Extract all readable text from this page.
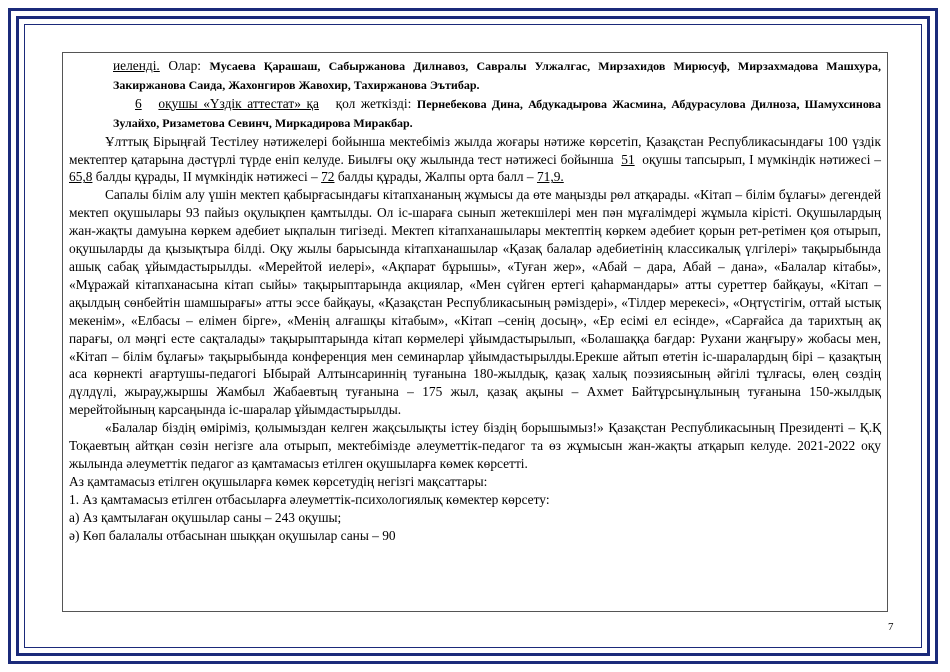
иеленді. Олар: Мусаева Қарашаш, Сабыржанова Дилнавоз, Савралы Улжалгас, Мирзахидов Мирюсуф, Мирзахмадова Машхура, Закиржанова Саида, Жахонгиров Жавохир, Тахиржанова Эътибар.

6 оқушы «Үздік аттестат» қа қол жеткізді: Пернебекова Дина, Абдукадырова Жасмина, Абдурасулова Дилноза, Шамухсинова Зулайхо, Ризаметова Севинч, Миркадирова Миракбар.

Ұлттық Бірыңғай Тестілеу нәтижелері бойынша мектебіміз жылда жоғары нәтиже көрсетіп, Қазақстан Республикасындағы 100 үздік мектептер қатарына дәстүрлі түрде еніп келуде. Биылғы оқу жылында тест нәтижесі бойынша 51 оқушы тапсырып, І мүмкіндік нәтижесі – 65,8 балды құрады, ІІ мүмкіндік нәтижесі – 72 балды құрады, Жалпы орта балл – 71,9.

Сапалы білім алу үшін мектеп қабырғасындағы кітапхананың жұмысы да өте маңызды рөл атқарады. «Кітап – білім бұлағы» дегендей мектеп оқушылары 93 пайыз оқулықпен қамтылды. Ол іс-шараға сынып жетекшілері мен пән мұғалімдері жұмыла кірісті. Оқушылардың жан-жақты дамуына көркем әдебиет ықпалын тигізеді. Мектеп кітапханашылары мектептің көркем әдебиет қорын рет-ретімен қоя отырып, оқушыларды да қызықтыра білді. Оқу жылы барысында кітапханашылар «Қазақ балалар әдебиетінің классикалық үлгілері» тақырыбында ашық сабақ ұйымдастырылды. «Мерейтой иелері», «Ақпарат бұрышы», «Туған жер», «Абай – дара, Абай – дана», «Балалар кітабы», «Мұражай кітапханасына кітап сыйы» тақырыптарында акциялар, «Мен сүйген ертегі қаһармандары» атты суреттер байқауы, «Кітап – ақылдың сөнбейтін шамшырағы» атты эссе байқауы, «Қазақстан Республикасының рәміздері», «Тілдер мерекесі», «Оңтүстігім, оттай ыстық мекенім», «Елбасы – елімен бірге», «Менің алғашқы кітабым», «Кітап –сенің досың», «Ер есімі ел есінде», «Сарғайса да тарихтың ақ парағы, ол мәңгі есте сақталады» тақырыптарында кітап көрмелері ұйымдастырылып, «Болашаққа бағдар: Рухани жаңғыру» жобасы мен, «Кітап – білім бұлағы» тақырыбында конференция мен семинарлар ұйымдастырылды.Ерекше айтып өтетін іс-шаралардың бірі – қазақтың аса көрнекті ағартушы-педагогі Ыбырай Алтынсариннің туғанына 180-жылдық, қазақ халық поэзиясының әйгілі тұлғасы, өлең сөздің дүлдүлі, жырау,жыршы Жамбыл Жабаевтың туғанына – 175 жыл, қазақ ақыны – Ахмет Байтұрсынұлының туғанына 150-жылдық мерейтойының карсаңында іс-шаралар ұйымдастырылды.

«Балалар біздің өміріміз, қолымыздан келген жақсылықты істеу біздің борышымыз!» Қазақстан Республикасының Президенті – Қ.Қ Тоқаевтың айтқан сөзін негізге ала отырып, мектебімізде әлеуметтік-педагог та өз жұмысын жан-жақты атқарып келуде. 2021-2022 оқу жылында әлеуметтік педагог аз қамтамасыз етілген оқушыларға көмек көрсетті.

Аз қамтамасыз етілген оқушыларға көмек көрсетудің негізгі мақсаттары:

1. Аз қамтамасыз етілген отбасыларға әлеуметтік-психологиялық көмектер көрсету:

а) Аз қамтылаған оқушылар саны – 243 оқушы;

ә) Көп балалалы отбасынан шыққан оқушылар саны – 90

7
